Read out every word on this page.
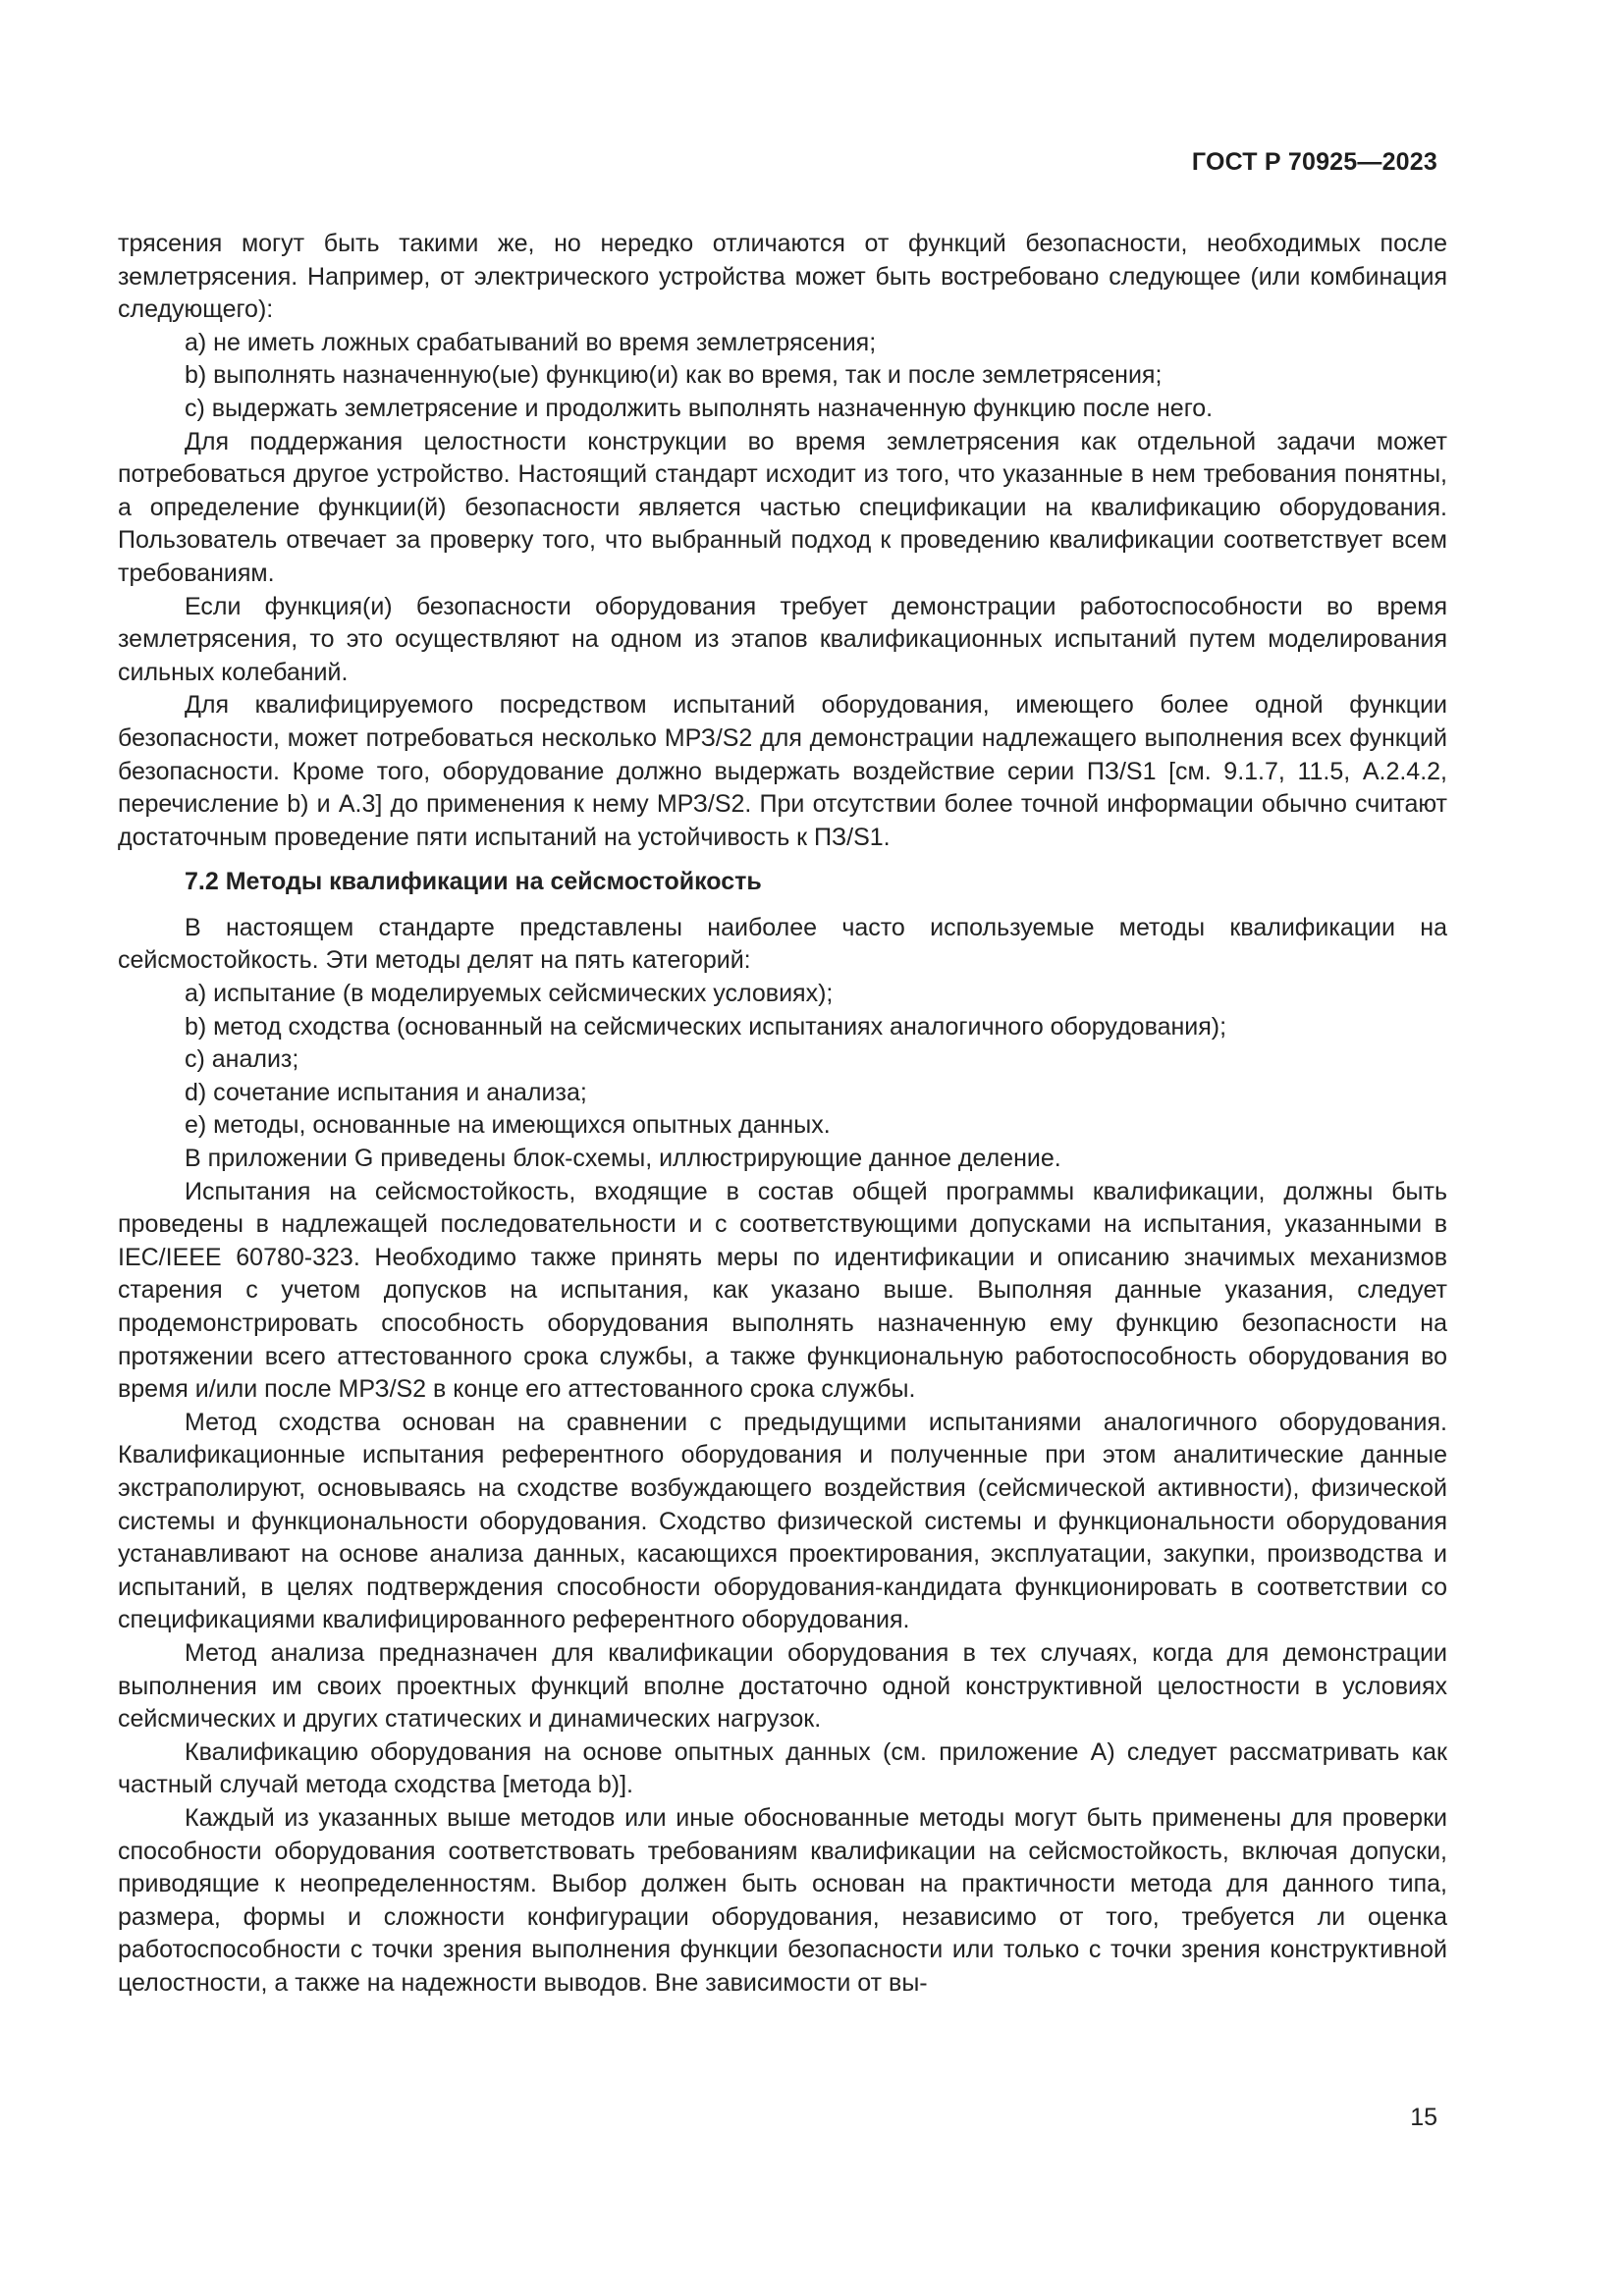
ГОСТ Р 70925—2023

трясения могут быть такими же, но нередко отличаются от функций безопасности, необходимых после землетрясения. Например, от электрического устройства может быть востребовано следующее (или комбинация следующего):

a) не иметь ложных срабатываний во время землетрясения;

b) выполнять назначенную(ые) функцию(и) как во время, так и после землетрясения;

c) выдержать землетрясение и продолжить выполнять назначенную функцию после него.

Для поддержания целостности конструкции во время землетрясения как отдельной задачи может потребоваться другое устройство. Настоящий стандарт исходит из того, что указанные в нем требования понятны, а определение функции(й) безопасности является частью спецификации на квалификацию оборудования. Пользователь отвечает за проверку того, что выбранный подход к проведению квалификации соответствует всем требованиям.

Если функция(и) безопасности оборудования требует демонстрации работоспособности во время землетрясения, то это осуществляют на одном из этапов квалификационных испытаний путем моделирования сильных колебаний.

Для квалифицируемого посредством испытаний оборудования, имеющего более одной функции безопасности, может потребоваться несколько МРЗ/S2 для демонстрации надлежащего выполнения всех функций безопасности. Кроме того, оборудование должно выдержать воздействие серии ПЗ/S1 [см. 9.1.7, 11.5, А.2.4.2, перечисление b) и А.3] до применения к нему МРЗ/S2. При отсутствии более точной информации обычно считают достаточным проведение пяти испытаний на устойчивость к ПЗ/S1.

7.2 Методы квалификации на сейсмостойкость

В настоящем стандарте представлены наиболее часто используемые методы квалификации на сейсмостойкость. Эти методы делят на пять категорий:

a) испытание (в моделируемых сейсмических условиях);

b) метод сходства (основанный на сейсмических испытаниях аналогичного оборудования);

c) анализ;

d) сочетание испытания и анализа;

e) методы, основанные на имеющихся опытных данных.

В приложении G приведены блок-схемы, иллюстрирующие данное деление.

Испытания на сейсмостойкость, входящие в состав общей программы квалификации, должны быть проведены в надлежащей последовательности и с соответствующими допусками на испытания, указанными в IEC/IEEE 60780-323. Необходимо также принять меры по идентификации и описанию значимых механизмов старения с учетом допусков на испытания, как указано выше. Выполняя данные указания, следует продемонстрировать способность оборудования выполнять назначенную ему функцию безопасности на протяжении всего аттестованного срока службы, а также функциональную работоспособность оборудования во время и/или после МРЗ/S2 в конце его аттестованного срока службы.

Метод сходства основан на сравнении с предыдущими испытаниями аналогичного оборудования. Квалификационные испытания референтного оборудования и полученные при этом аналитические данные экстраполируют, основываясь на сходстве возбуждающего воздействия (сейсмической активности), физической системы и функциональности оборудования. Сходство физической системы и функциональности оборудования устанавливают на основе анализа данных, касающихся проектирования, эксплуатации, закупки, производства и испытаний, в целях подтверждения способности оборудования-кандидата функционировать в соответствии со спецификациями квалифицированного референтного оборудования.

Метод анализа предназначен для квалификации оборудования в тех случаях, когда для демонстрации выполнения им своих проектных функций вполне достаточно одной конструктивной целостности в условиях сейсмических и других статических и динамических нагрузок.

Квалификацию оборудования на основе опытных данных (см. приложение А) следует рассматривать как частный случай метода сходства [метода b)].

Каждый из указанных выше методов или иные обоснованные методы могут быть применены для проверки способности оборудования соответствовать требованиям квалификации на сейсмостойкость, включая допуски, приводящие к неопределенностям. Выбор должен быть основан на практичности метода для данного типа, размера, формы и сложности конфигурации оборудования, независимо от того, требуется ли оценка работоспособности с точки зрения выполнения функции безопасности или только с точки зрения конструктивной целостности, а также на надежности выводов. Вне зависимости от вы-

15
